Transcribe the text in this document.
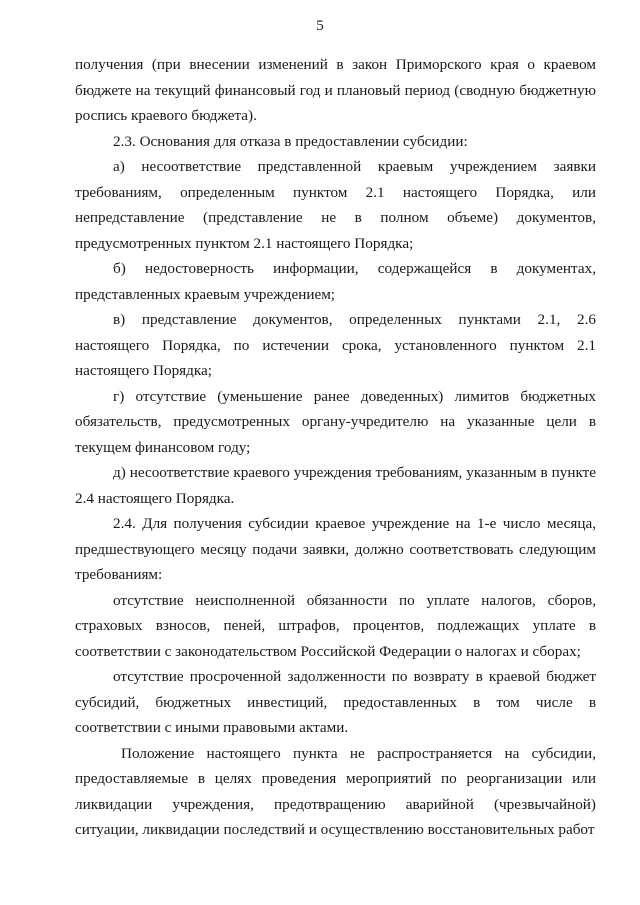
5

получения (при внесении изменений в закон Приморского края о краевом бюджете на текущий финансовый год и плановый период (сводную бюджетную роспись краевого бюджета).

2.3. Основания для отказа в предоставлении субсидии:

а) несоответствие представленной краевым учреждением заявки требованиям, определенным пунктом 2.1 настоящего Порядка, или непредставление (представление не в полном объеме) документов, предусмотренных пунктом 2.1 настоящего Порядка;

б) недостоверность информации, содержащейся в документах, представленных краевым учреждением;

в) представление документов, определенных пунктами 2.1, 2.6 настоящего Порядка, по истечении срока, установленного пунктом 2.1 настоящего Порядка;

г) отсутствие (уменьшение ранее доведенных) лимитов бюджетных обязательств, предусмотренных органу-учредителю на указанные цели в текущем финансовом году;

д) несоответствие краевого учреждения требованиям, указанным в пункте 2.4 настоящего Порядка.

2.4. Для получения субсидии краевое учреждение на 1-е число месяца, предшествующего месяцу подачи заявки, должно соответствовать следующим требованиям:

отсутствие неисполненной обязанности по уплате налогов, сборов, страховых взносов, пеней, штрафов, процентов, подлежащих уплате в соответствии с законодательством Российской Федерации о налогах и сборах;

отсутствие просроченной задолженности по возврату в краевой бюджет субсидий, бюджетных инвестиций, предоставленных в том числе в соответствии с иными правовыми актами.

Положение настоящего пункта не распространяется на субсидии, предоставляемые в целях проведения мероприятий по реорганизации или ликвидации учреждения, предотвращению аварийной (чрезвычайной) ситуации, ликвидации последствий и осуществлению восстановительных работ
